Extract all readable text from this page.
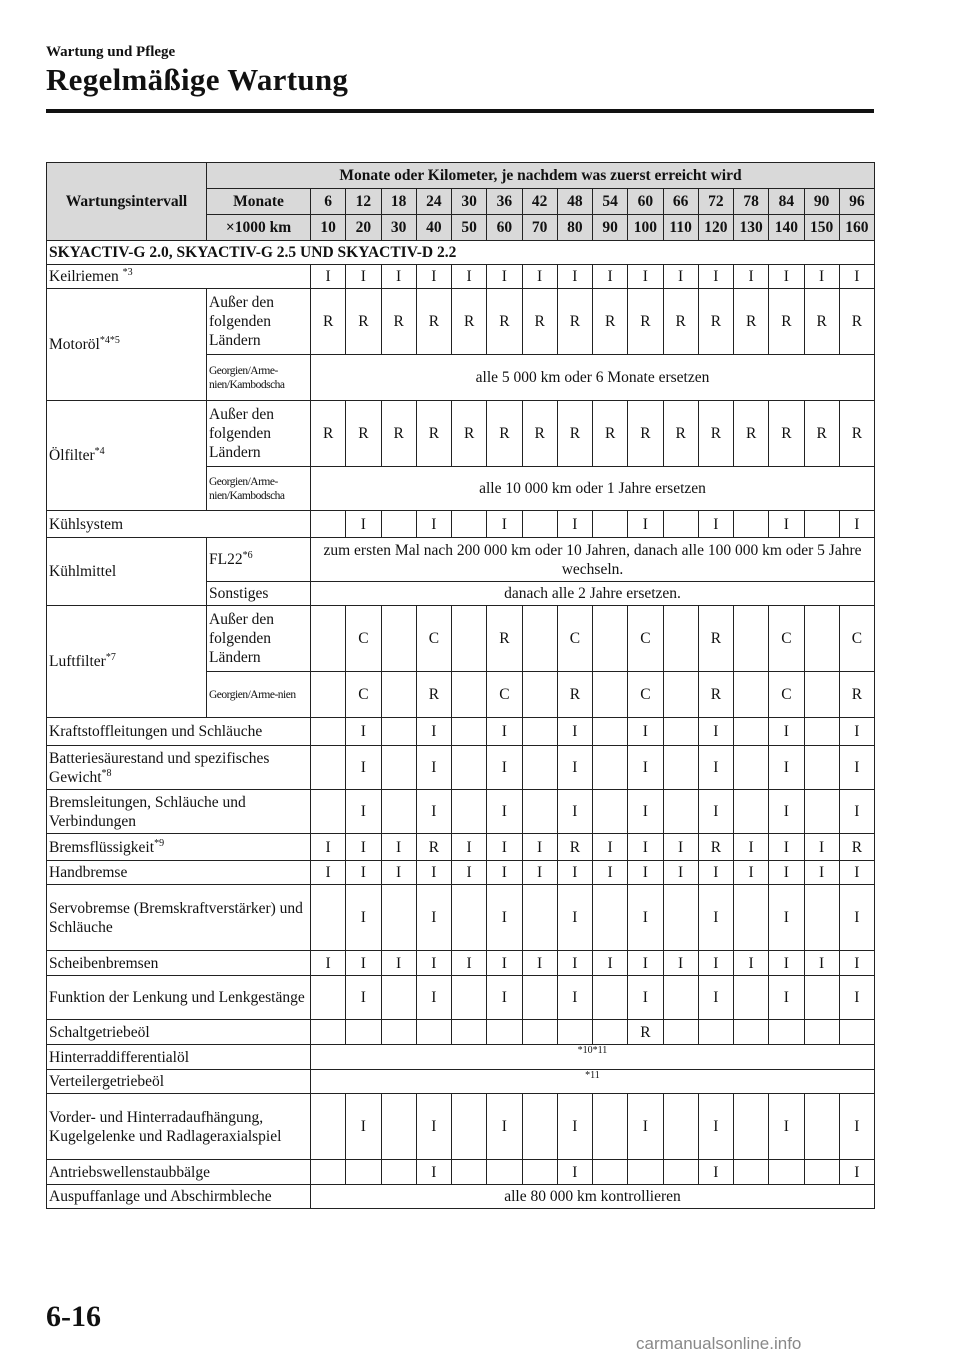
Wartung und Pflege
Regelmäßige Wartung
Wartungsintervall	Monate oder Kilometer, je nachdem was zuerst erreicht wird																
	Monate	6	12	18	24	30	36	42	48	54	60	66	72	78	84	90	96
	×1000 km	10	20	30	40	50	60	70	80	90	100	110	120	130	140	150	160
SKYACTIV-G 2.0, SKYACTIV-G 2.5 UND SKYACTIV-D 2.2																	
Keilriemen $^{*3}$		I	I	I	I	I	I	I	I	I	I	I	I	I	I	I	I
Motoröl$^{*4*5}$	Außer den folgenden Ländern	R	R	R	R	R	R	R	R	R	R	R	R	R	R	R	R
	Georgien/Arme-nien/Kambodscha	alle 5 000 km oder 6 Monate ersetzen															
Ölfilter$^{*4}$	Außer den folgenden Ländern	R	R	R	R	R	R	R	R	R	R	R	R	R	R	R	R
	Georgien/Arme-nien/Kambodscha	alle 10 000 km oder 1 Jahre ersetzen															
Kühlsystem			I		I		I		I		I		I		I		I
Kühlmittel	FL22$^{*6}$	zum ersten Mal nach 200 000 km oder 10 Jahren, danach alle 100 000 km oder 5 Jahre wechseln.															
	Sonstiges	danach alle 2 Jahre ersetzen.															
Luftfilter$^{*7}$	Außer den folgenden Ländern		C		C		R		C		C		R		C		C
	Georgien/Arme-nien		C		R		C		R		C		R		C		R
Kraftstoffleitungen und Schläuche			I		I		I		I		I		I		I		I
Batteriesäurestand und spezifisches Gewicht$^{*8}$			I		I		I		I		I		I		I		I
Bremsleitungen, Schläuche und Verbindungen			I		I		I		I		I		I		I		I
Bremsflüssigkeit$^{*9}$		I	I	I	R	I	I	I	R	I	I	I	R	I	I	I	R
Handbremse		I	I	I	I	I	I	I	I	I	I	I	I	I	I	I	I
Servobremse (Bremskraftverstärker) und Schläuche			I		I		I		I		I		I		I		I
Scheibenbremsen		I	I	I	I	I	I	I	I	I	I	I	I	I	I	I	I
Funktion der Lenkung und Lenkgestänge			I		I		I		I		I		I		I		I
Schaltgetriebeöl											R						
Hinterraddifferentialöl		*10*11															
Verteilergetriebeöl		*11															
Vorder- und Hinterradaufhängung, Kugelgelenke und Radlageraxialspiel			I		I		I		I		I		I		I		I
Antriebswellenstaubbälge					I				I				I				I
Auspuffanlage und Abschirmbleche		alle 80 000 km kontrollieren															
6-16
carmanualsonline.info
